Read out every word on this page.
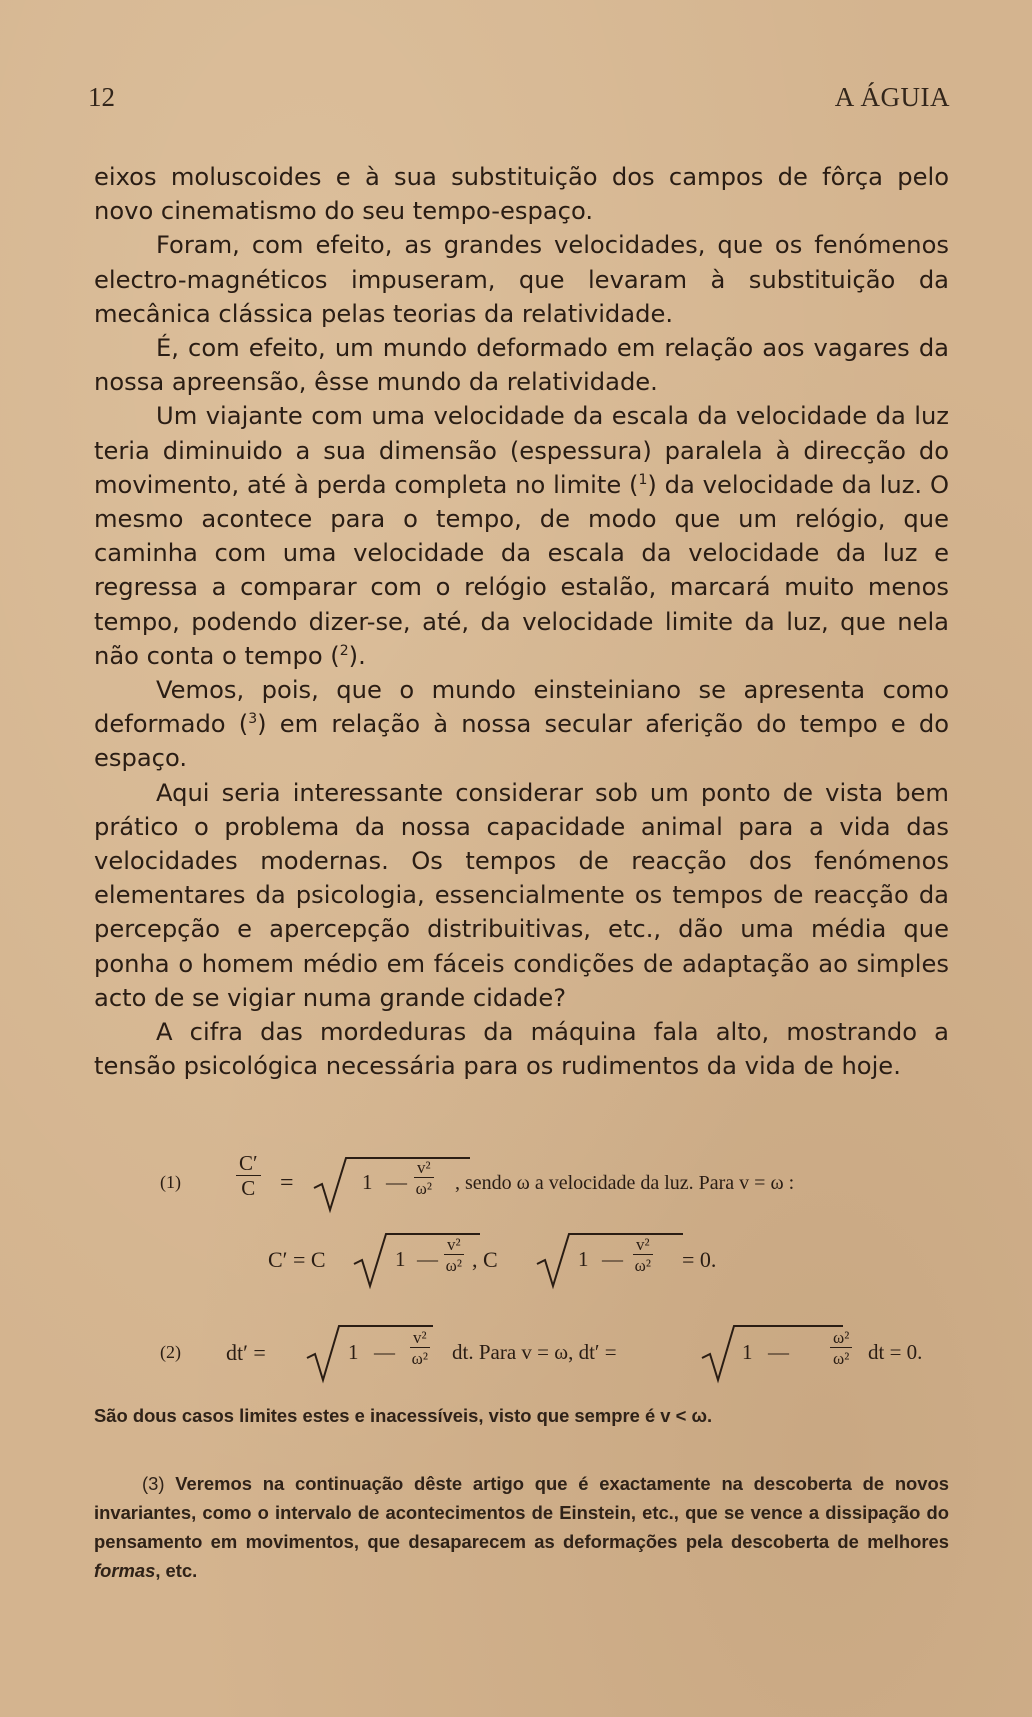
12	A ÁGUIA

eixos moluscoides e à sua substituição dos campos de fôrça pelo novo cinematismo do seu tempo-espaço.

Foram, com efeito, as grandes velocidades, que os fenómenos electro-magnéticos impuseram, que levaram à substituição da mecânica clássica pelas teorias da relatividade.

É, com efeito, um mundo deformado em relação aos vagares da nossa apreensão, êsse mundo da relatividade.

Um viajante com uma velocidade da escala da velocidade da luz teria diminuido a sua dimensão (espessura) paralela à direcção do movimento, até à perda completa no limite ($^1$) da velocidade da luz. O mesmo acontece para o tempo, de modo que um relógio, que caminha com uma velocidade da escala da velocidade da luz e regressa a comparar com o relógio estalão, marcará muito menos tempo, podendo dizer-se, até, da velocidade limite da luz, que nela não conta o tempo ($^2$).

Vemos, pois, que o mundo einsteiniano se apresenta como deformado ($^3$) em relação à nossa secular aferição do tempo e do espaço.

Aqui seria interessante considerar sob um ponto de vista bem prático o problema da nossa capacidade animal para a vida das velocidades modernas. Os tempos de reacção dos fenómenos elementares da psicologia, essencialmente os tempos de reacção da percepção e apercepção distribuitivas, etc., dão uma média que ponha o homem médio em fáceis condições de adaptação ao simples acto de se vigiar numa grande cidade?

A cifra das mordeduras da máquina fala alto, mostrando a tensão psicológica necessária para os rudimentos da vida de hoje.

(1)	$\frac{C'}{C}$ =	1 — $\frac{\text{v²}}{\text{ω²}}$ , sendo ω a velocidade da luz. Para v = ω :
C′ = C	1 — $\frac{\text{v²}}{\text{ω²}}$ , C	1 — $\frac{\text{v²}}{\text{ω²}} = 0$.
(2) dt′ =	1 — $\frac{\text{v²}}{\text{ω²}}$ dt. Para v = ω, dt′ =	1 — $\frac{\text{ω²}}{\text{ω²}}$ dt = 0.

São dous casos limites estes e inacessíveis, visto que sempre é v < ω.

(3) Veremos na continuação dêste artigo que é exactamente na descoberta de novos invariantes, como o intervalo de acontecimentos de Einstein, etc., que se vence a dissipação do pensamento em movimentos, que desaparecem as deformações pela descoberta de melhores formas, etc.
